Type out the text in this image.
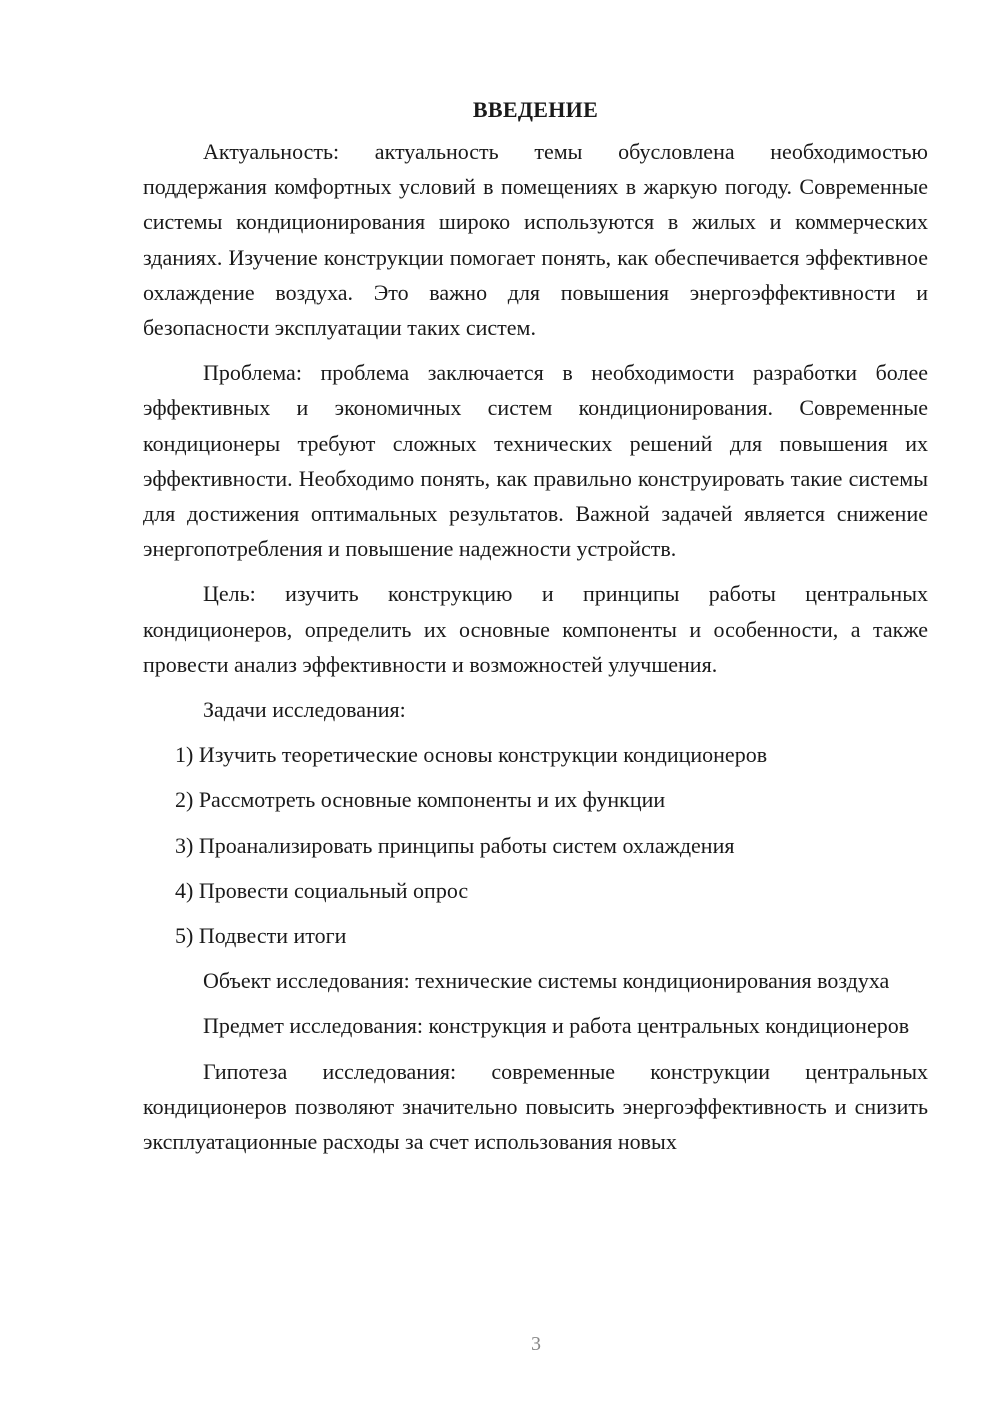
ВВЕДЕНИЕ

Актуальность: актуальность темы обусловлена необходимостью поддержания комфортных условий в помещениях в жаркую погоду. Современные системы кондиционирования широко используются в жилых и коммерческих зданиях. Изучение конструкции помогает понять, как обеспечивается эффективное охлаждение воздуха. Это важно для повышения энергоэффективности и безопасности эксплуатации таких систем.

Проблема: проблема заключается в необходимости разработки более эффективных и экономичных систем кондиционирования. Современные кондиционеры требуют сложных технических решений для повышения их эффективности. Необходимо понять, как правильно конструировать такие системы для достижения оптимальных результатов. Важной задачей является снижение энергопотребления и повышение надежности устройств.

Цель: изучить конструкцию и принципы работы центральных кондиционеров, определить их основные компоненты и особенности, а также провести анализ эффективности и возможностей улучшения.

Задачи исследования:

1) Изучить теоретические основы конструкции кондиционеров

2) Рассмотреть основные компоненты и их функции

3) Проанализировать принципы работы систем охлаждения

4) Провести социальный опрос

5) Подвести итоги

Объект исследования: технические системы кондиционирования воздуха

Предмет исследования: конструкция и работа центральных кондиционеров

Гипотеза исследования: современные конструкции центральных кондиционеров позволяют значительно повысить энергоэффективность и снизить эксплуатационные расходы за счет использования новых

3
